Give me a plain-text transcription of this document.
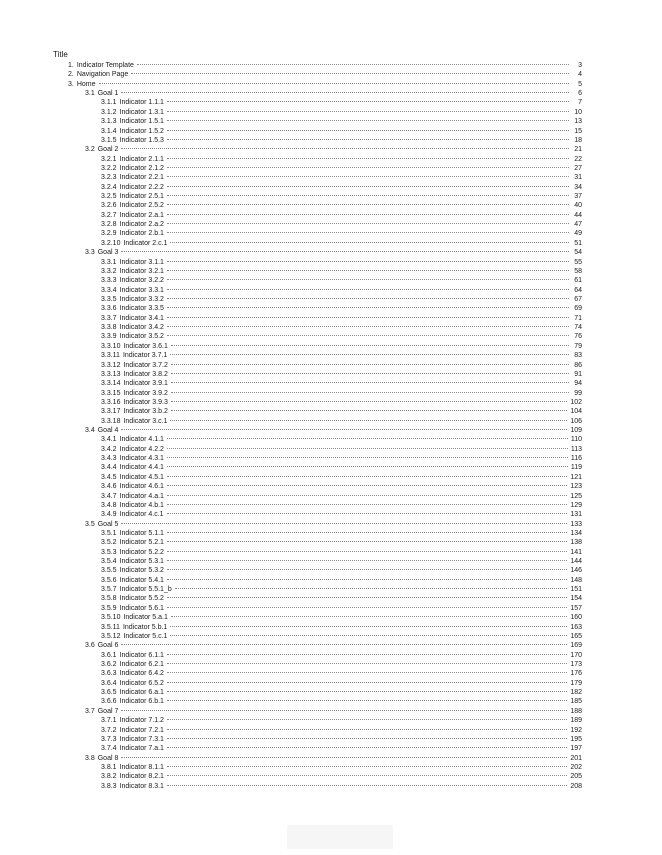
Title
1. Indicator Template	3
2. Navigation Page	4
3. Home	5
3.1 Goal 1	6
3.1.1 Indicator 1.1.1	7
3.1.2 Indicator 1.3.1	10
3.1.3 Indicator 1.5.1	13
3.1.4 Indicator 1.5.2	15
3.1.5 Indicator 1.5.3	18
3.2 Goal 2	21
3.2.1 Indicator 2.1.1	22
3.2.2 Indicator 2.1.2	27
3.2.3 Indicator 2.2.1	31
3.2.4 Indicator 2.2.2	34
3.2.5 Indicator 2.5.1	37
3.2.6 Indicator 2.5.2	40
3.2.7 Indicator 2.a.1	44
3.2.8 Indicator 2.a.2	47
3.2.9 Indicator 2.b.1	49
3.2.10 Indicator 2.c.1	51
3.3 Goal 3	54
3.3.1 Indicator 3.1.1	55
3.3.2 Indicator 3.2.1	58
3.3.3 Indicator 3.2.2	61
3.3.4 Indicator 3.3.1	64
3.3.5 Indicator 3.3.2	67
3.3.6 Indicator 3.3.5	69
3.3.7 Indicator 3.4.1	71
3.3.8 Indicator 3.4.2	74
3.3.9 Indicator 3.5.2	76
3.3.10 Indicator 3.6.1	79
3.3.11 Indicator 3.7.1	83
3.3.12 Indicator 3.7.2	86
3.3.13 Indicator 3.8.2	91
3.3.14 Indicator 3.9.1	94
3.3.15 Indicator 3.9.2	99
3.3.16 Indicator 3.9.3	102
3.3.17 Indicator 3.b.2	104
3.3.18 Indicator 3.c.1	106
3.4 Goal 4	109
3.4.1 Indicator 4.1.1	110
3.4.2 Indicator 4.2.2	113
3.4.3 Indicator 4.3.1	116
3.4.4 Indicator 4.4.1	119
3.4.5 Indicator 4.5.1	121
3.4.6 Indicator 4.6.1	123
3.4.7 Indicator 4.a.1	125
3.4.8 Indicator 4.b.1	129
3.4.9 Indicator 4.c.1	131
3.5 Goal 5	133
3.5.1 Indicator 5.1.1	134
3.5.2 Indicator 5.2.1	138
3.5.3 Indicator 5.2.2	141
3.5.4 Indicator 5.3.1	144
3.5.5 Indicator 5.3.2	146
3.5.6 Indicator 5.4.1	148
3.5.7 Indicator 5.5.1_b	151
3.5.8 Indicator 5.5.2	154
3.5.9 Indicator 5.6.1	157
3.5.10 Indicator 5.a.1	160
3.5.11 Indicator 5.b.1	163
3.5.12 Indicator 5.c.1	165
3.6 Goal 6	169
3.6.1 Indicator 6.1.1	170
3.6.2 Indicator 6.2.1	173
3.6.3 Indicator 6.4.2	176
3.6.4 Indicator 6.5.2	179
3.6.5 Indicator 6.a.1	182
3.6.6 Indicator 6.b.1	185
3.7 Goal 7	188
3.7.1 Indicator 7.1.2	189
3.7.2 Indicator 7.2.1	192
3.7.3 Indicator 7.3.1	195
3.7.4 Indicator 7.a.1	197
3.8 Goal 8	201
3.8.1 Indicator 8.1.1	202
3.8.2 Indicator 8.2.1	205
3.8.3 Indicator 8.3.1	208
